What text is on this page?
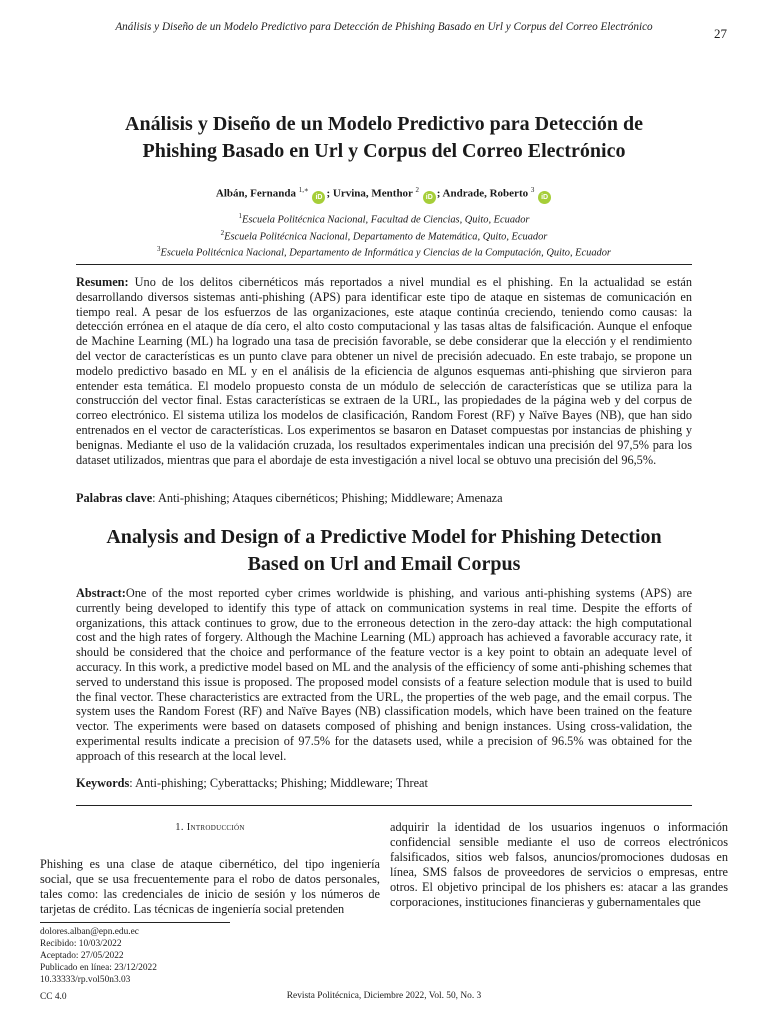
Análisis y Diseño de un Modelo Predictivo para Detección de Phishing Basado en Url y Corpus del Correo Electrónico	27
Análisis y Diseño de un Modelo Predictivo para Detección de
Phishing Basado en Url y Corpus del Correo Electrónico
Albán, Fernanda $^{1,∗}$ iD ; Urvina, Menthor $^2$ iD ; Andrade, Roberto $^3$ iD
$^1$Escuela Politécnica Nacional, Facultad de Ciencias, Quito, Ecuador
$^2$Escuela Politécnica Nacional, Departamento de Matemática, Quito, Ecuador
$^3$Escuela Politécnica Nacional, Departamento de Informática y Ciencias de la Computación, Quito, Ecuador
Resumen: Uno de los delitos cibernéticos más reportados a nivel mundial es el phishing. En la actualidad se están desarrollando diversos sistemas anti-phishing (APS) para identificar este tipo de ataque en sistemas de comunicación en tiempo real. A pesar de los esfuerzos de las organizaciones, este ataque continúa creciendo, teniendo como causas: la detección errónea en el ataque de día cero, el alto costo computacional y las tasas altas de falsificación. Aunque el enfoque de Machine Learning (ML) ha logrado una tasa de precisión favorable, se debe considerar que la elección y el rendimiento del vector de características es un punto clave para obtener un nivel de precisión adecuado. En este trabajo, se propone un modelo predictivo basado en ML y en el análisis de la eficiencia de algunos esquemas anti-phishing que sirvieron para entender esta temática. El modelo propuesto consta de un módulo de selección de características que se utiliza para la construcción del vector final. Estas características se extraen de la URL, las propiedades de la página web y del corpus de correo electrónico. El sistema utiliza los modelos de clasificación, Random Forest (RF) y Naïve Bayes (NB), que han sido entrenados en el vector de características. Los experimentos se basaron en Dataset compuestas por instancias de phishing y benignas. Mediante el uso de la validación cruzada, los resultados experimentales indican una precisión del 97,5% para los dataset utilizados, mientras que para el abordaje de esta investigación a nivel local se obtuvo una precisión del 96,5%.
Palabras clave: Anti-phishing; Ataques cibernéticos; Phishing; Middleware; Amenaza
Analysis and Design of a Predictive Model for Phishing Detection
Based on Url and Email Corpus
Abstract:One of the most reported cyber crimes worldwide is phishing, and various anti-phishing systems (APS) are currently being developed to identify this type of attack on communication systems in real time. Despite the efforts of organizations, this attack continues to grow, due to the erroneous detection in the zero-day attack: the high computational cost and the high rates of forgery. Although the Machine Learning (ML) approach has achieved a favorable accuracy rate, it should be considered that the choice and performance of the feature vector is a key point to obtain an adequate level of accuracy. In this work, a predictive model based on ML and the analysis of the efficiency of some anti-phishing schemes that served to understand this issue is proposed. The proposed model consists of a feature selection module that is used to build the final vector. These characteristics are extracted from the URL, the properties of the web page, and the email corpus. The system uses the Random Forest (RF) and Naïve Bayes (NB) classification models, which have been trained on the feature vector. The experiments were based on datasets composed of phishing and benign instances. Using cross-validation, the experimental results indicate a precision of 97.5% for the datasets used, while a precision of 96.5% was obtained for the approach of this research at the local level.
Keywords: Anti-phishing; Cyberattacks; Phishing; Middleware; Threat
1. Introducción
Phishing es una clase de ataque cibernético, del tipo ingeniería social, que se usa frecuentemente para el robo de datos personales, tales como: las credenciales de inicio de sesión y los números de tarjetas de crédito. Las técnicas de ingeniería social pretenden
adquirir la identidad de los usuarios ingenuos o información confidencial sensible mediante el uso de correos electrónicos falsificados, sitios web falsos, anuncios/promociones dudosas en línea, SMS falsos de proveedores de servicios o empresas, entre otros. El objetivo principal de los phishers es: atacar a las grandes corporaciones, instituciones financieras y gubernamentales que
dolores.alban@epn.edu.ec
Recibido: 10/03/2022
Aceptado: 27/05/2022
Publicado en línea: 23/12/2022
10.33333/rp.vol50n3.03
CC 4.0	Revista Politécnica, Diciembre 2022, Vol. 50, No. 3
